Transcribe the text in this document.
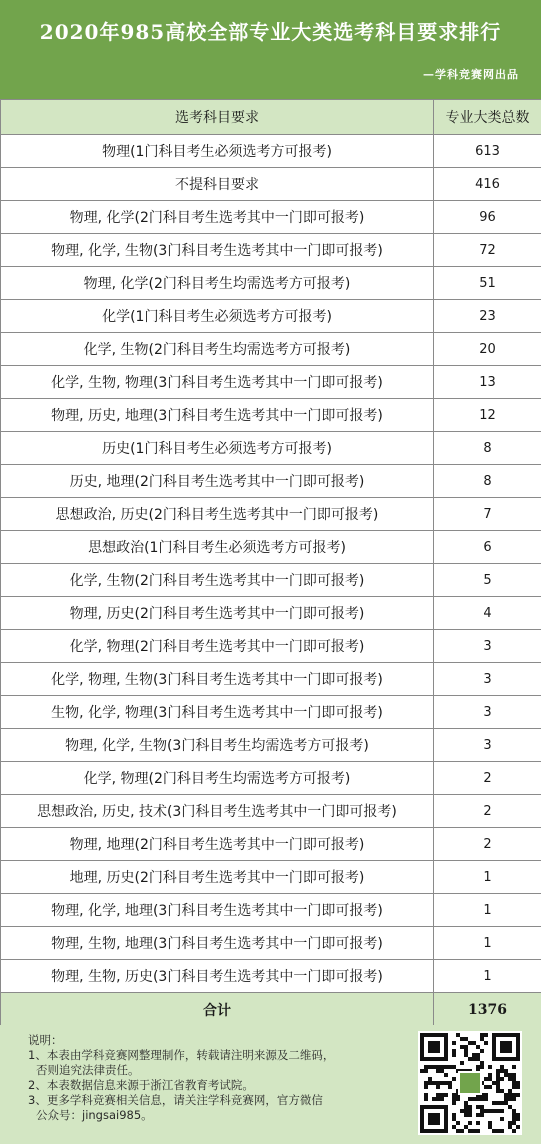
2020年985高校全部专业大类选考科目要求排行
—学科竞赛网出品
选考科目要求	专业大类总数
物理(1门科目考生必须选考方可报考)	613
不提科目要求	416
物理, 化学(2门科目考生选考其中一门即可报考)	96
物理, 化学, 生物(3门科目考生选考其中一门即可报考)	72
物理, 化学(2门科目考生均需选考方可报考)	51
化学(1门科目考生必须选考方可报考)	23
化学, 生物(2门科目考生均需选考方可报考)	20
化学, 生物, 物理(3门科目考生选考其中一门即可报考)	13
物理, 历史, 地理(3门科目考生选考其中一门即可报考)	12
历史(1门科目考生必须选考方可报考)	8
历史, 地理(2门科目考生选考其中一门即可报考)	8
思想政治, 历史(2门科目考生选考其中一门即可报考)	7
思想政治(1门科目考生必须选考方可报考)	6
化学, 生物(2门科目考生选考其中一门即可报考)	5
物理, 历史(2门科目考生选考其中一门即可报考)	4
化学, 物理(2门科目考生选考其中一门即可报考)	3
化学, 物理, 生物(3门科目考生选考其中一门即可报考)	3
生物, 化学, 物理(3门科目考生选考其中一门即可报考)	3
物理, 化学, 生物(3门科目考生均需选考方可报考)	3
化学, 物理(2门科目考生均需选考方可报考)	2
思想政治, 历史, 技术(3门科目考生选考其中一门即可报考)	2
物理, 地理(2门科目考生选考其中一门即可报考)	2
地理, 历史(2门科目考生选考其中一门即可报考)	1
物理, 化学, 地理(3门科目考生选考其中一门即可报考)	1
物理, 生物, 地理(3门科目考生选考其中一门即可报考)	1
物理, 生物, 历史(3门科目考生选考其中一门即可报考)	1
合计	1376
说明：
1、本表由学科竞赛网整理制作，转载请注明来源及二维码，
否则追究法律责任。
2、本表数据信息来源于浙江省教育考试院。
3、更多学科竞赛相关信息，请关注学科竞赛网，官方微信
公众号：jingsai985。
